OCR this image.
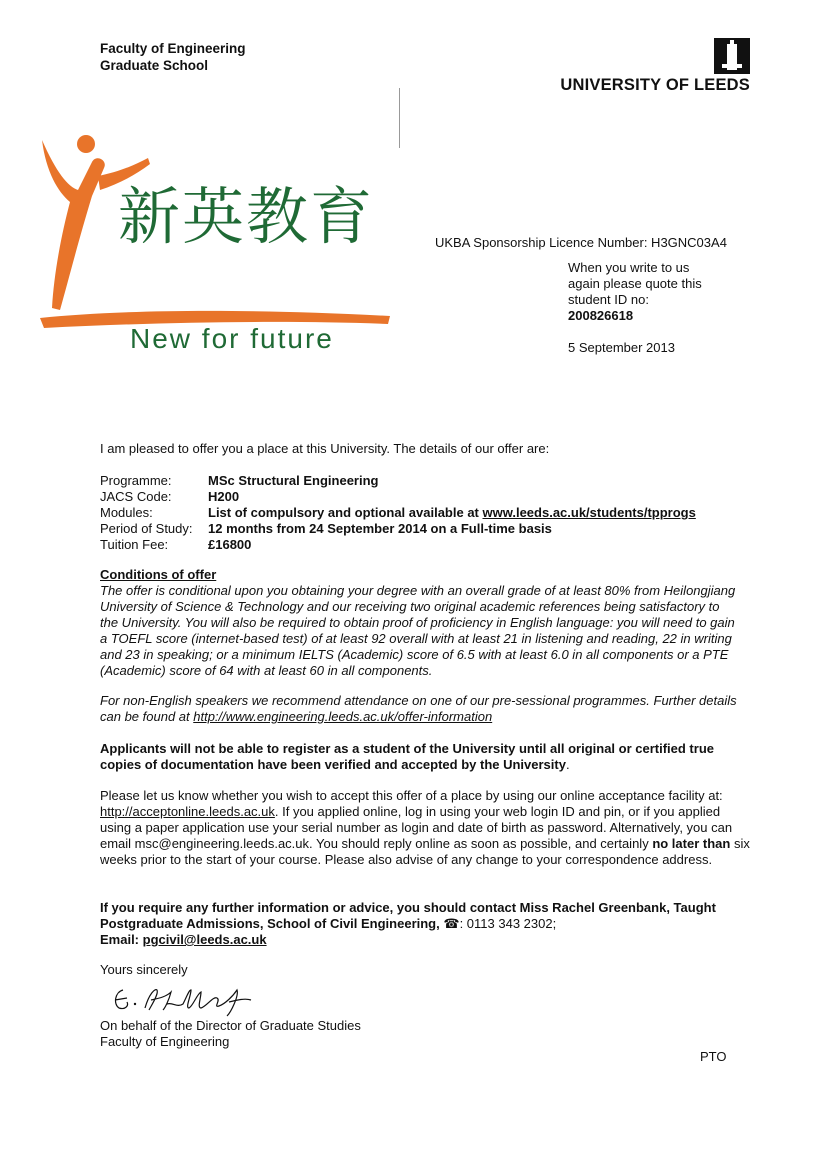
Faculty of Engineering
Graduate School
UNIVERSITY OF LEEDS
新英教育
New for future
UKBA Sponsorship Licence Number: H3GNC03A4
When you write to us
again please quote this
student ID no:
200826618
5 September 2013
I am pleased to offer you a place at this University. The details of our offer are:
Programme:	MSc Structural Engineering
JACS Code:	H200
Modules:	List of compulsory and optional available at www.leeds.ac.uk/students/tpprogs
Period of Study: 12 months from 24 September 2014 on a Full-time basis
Tuition Fee:	£16800
Conditions of offer
The offer is conditional upon you obtaining your degree with an overall grade of at least 80% from Heilongjiang University of Science & Technology and our receiving two original academic references being satisfactory to the University. You will also be required to obtain proof of proficiency in English language: you will need to gain a TOEFL score (internet-based test) of at least 92 overall with at least 21 in listening and reading, 22 in writing and 23 in speaking; or a minimum IELTS (Academic) score of 6.5 with at least 6.0 in all components or a PTE (Academic) score of 64 with at least 60 in all components.
For non-English speakers we recommend attendance on one of our pre-sessional programmes. Further details can be found at http://www.engineering.leeds.ac.uk/offer-information
Applicants will not be able to register as a student of the University until all original or certified true copies of documentation have been verified and accepted by the University.
Please let us know whether you wish to accept this offer of a place by using our online acceptance facility at: http://acceptonline.leeds.ac.uk. If you applied online, log in using your web login ID and pin, or if you applied using a paper application use your serial number as login and date of birth as password. Alternatively, you can email msc@engineering.leeds.ac.uk. You should reply online as soon as possible, and certainly no later than six weeks prior to the start of your course. Please also advise of any change to your correspondence address.
If you require any further information or advice, you should contact Miss Rachel Greenbank, Taught Postgraduate Admissions, School of Civil Engineering, ☎: 0113 343 2302;
Email: pgcivil@leeds.ac.uk
Yours sincerely
On behalf of the Director of Graduate Studies
Faculty of Engineering
PTO
